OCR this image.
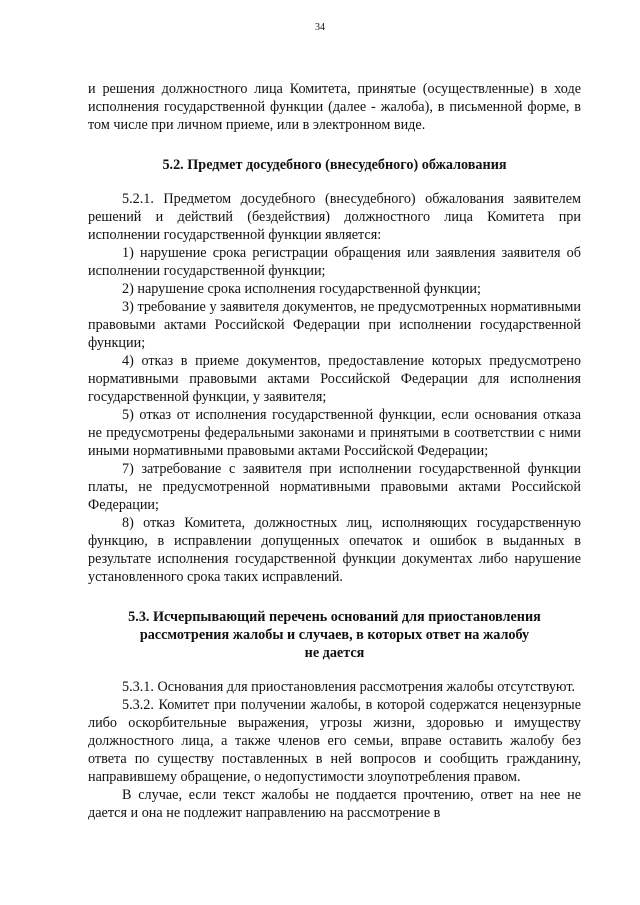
34

и решения должностного лица Комитета, принятые (осуществленные) в ходе исполнения государственной функции (далее - жалоба), в письменной форме, в том числе при личном приеме, или в электронном виде.

5.2. Предмет досудебного (внесудебного) обжалования

5.2.1. Предметом досудебного (внесудебного) обжалования заявителем решений и действий (бездействия) должностного лица Комитета при исполнении государственной функции является:

1) нарушение срока регистрации обращения или заявления заявителя об исполнении государственной функции;

2) нарушение срока исполнения государственной функции;

3) требование у заявителя документов, не предусмотренных нормативными правовыми актами Российской Федерации при исполнении государственной функции;

4) отказ в приеме документов, предоставление которых предусмотрено нормативными правовыми актами Российской Федерации для исполнения государственной функции, у заявителя;

5) отказ от исполнения государственной функции, если основания отказа не предусмотрены федеральными законами и принятыми в соответствии с ними иными нормативными правовыми актами Российской Федерации;

7) затребование с заявителя при исполнении государственной функции платы, не предусмотренной нормативными правовыми актами Российской Федерации;

8) отказ Комитета, должностных лиц, исполняющих государственную функцию, в исправлении допущенных опечаток и ошибок в выданных в результате исполнения государственной функции документах либо нарушение установленного срока таких исправлений.

5.3. Исчерпывающий перечень оснований для приостановления
рассмотрения жалобы и случаев, в которых ответ на жалобу
не дается

5.3.1. Основания для приостановления рассмотрения жалобы отсутствуют.

5.3.2. Комитет при получении жалобы, в которой содержатся нецензурные либо оскорбительные выражения, угрозы жизни, здоровью и имуществу должностного лица, а также членов его семьи, вправе оставить жалобу без ответа по существу поставленных в ней вопросов и сообщить гражданину, направившему обращение, о недопустимости злоупотребления правом.

В случае, если текст жалобы не поддается прочтению, ответ на нее не дается и она не подлежит направлению на рассмотрение в
